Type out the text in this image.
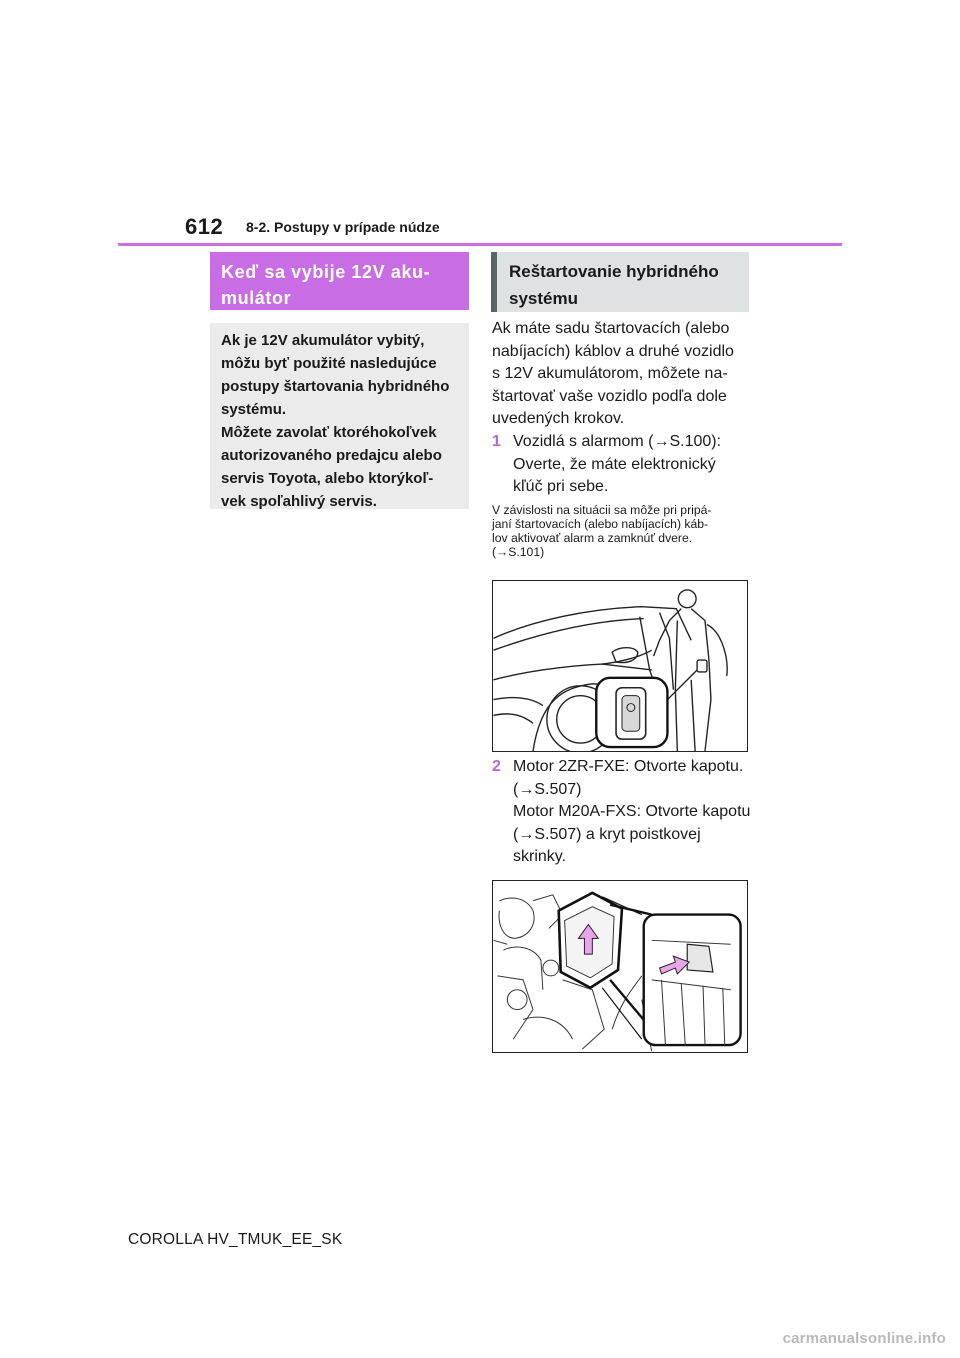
612 8-2. Postupy v prípade núdze
Keď sa vybije 12V aku-mulátor

Ak je 12V akumulátor vybitý,

môžu byť použité nasledujúce

postupy štartovania hybridného

systému.

Môžete zavolať ktoréhokoľvek

autorizovaného predajcu alebo

servis Toyota, alebo ktorýkoľ-

vek spoľahlivý servis.

Reštartovanie hybridného systému
Ak máte sadu štartovacích (alebo
nabíjacích) káblov a druhé vozidlo
s 12V akumulátorom, môžete na-
štartovať vaše vozidlo podľa dole
uvedených krokov.
1 Vozidlá s alarmom (→S.100):
Overte, že máte elektronický
kľúč pri sebe.
V závislosti na situácii sa môže pri pripá-
janí štartovacích (alebo nabíjacích) káb-
lov aktivovať alarm a zamknúť dvere.
(→S.101)
2 Motor 2ZR-FXE: Otvorte kapotu.
(→S.507)
Motor M20A-FXS: Otvorte kapotu
(→S.507) a kryt poistkovej
skrinky.
COROLLA HV_TMUK_EE_SK
carmanualsonline.info
